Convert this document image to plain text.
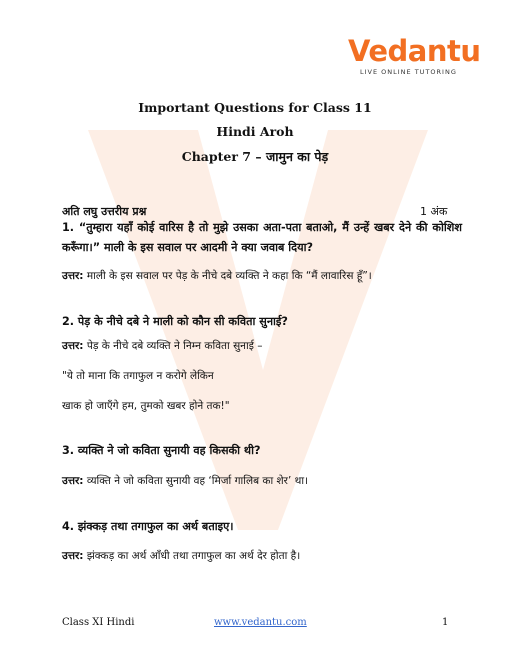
Vedantu
LIVE ONLINE TUTORING
Important Questions for Class 11
Hindi Aroh
Chapter 7 – जामुन का पेड़
अति लघु उत्तरीय प्रश्न	1 अंक
1. “तुम्हारा यहाँ कोई वारिस है तो मुझे उसका अता-पता बताओ, मैं उन्हें खबर देने की कोशिश करूँगा।” माली के इस सवाल पर आदमी ने क्या जवाब दिया?
उत्तर: माली के इस सवाल पर पेड़ के नीचे दबे व्यक्ति ने कहा कि “मैं लावारिस हूँ”।
2. पेड़ के नीचे दबे ने माली को कौन सी कविता सुनाई?
उत्तर: पेड़ के नीचे दबे व्यक्ति ने निम्न कविता सुनाई –
"ये तो माना कि तगाफुल न करोगे लेकिन
खाक हो जाएँगे हम, तुमको खबर होने तक!"
3. व्यक्ति ने जो कविता सुनायी वह किसकी थी?
उत्तर: व्यक्ति ने जो कविता सुनायी वह ‘मिर्जा गालिब का शेर’ था।
4. झंक्कड़ तथा तगाफुल का अर्थ बताइए।
उत्तर: झंक्कड़ का अर्थ आँधी तथा तगाफुल का अर्थ देर होता है।
Class XI Hindi	www.vedantu.com	1
